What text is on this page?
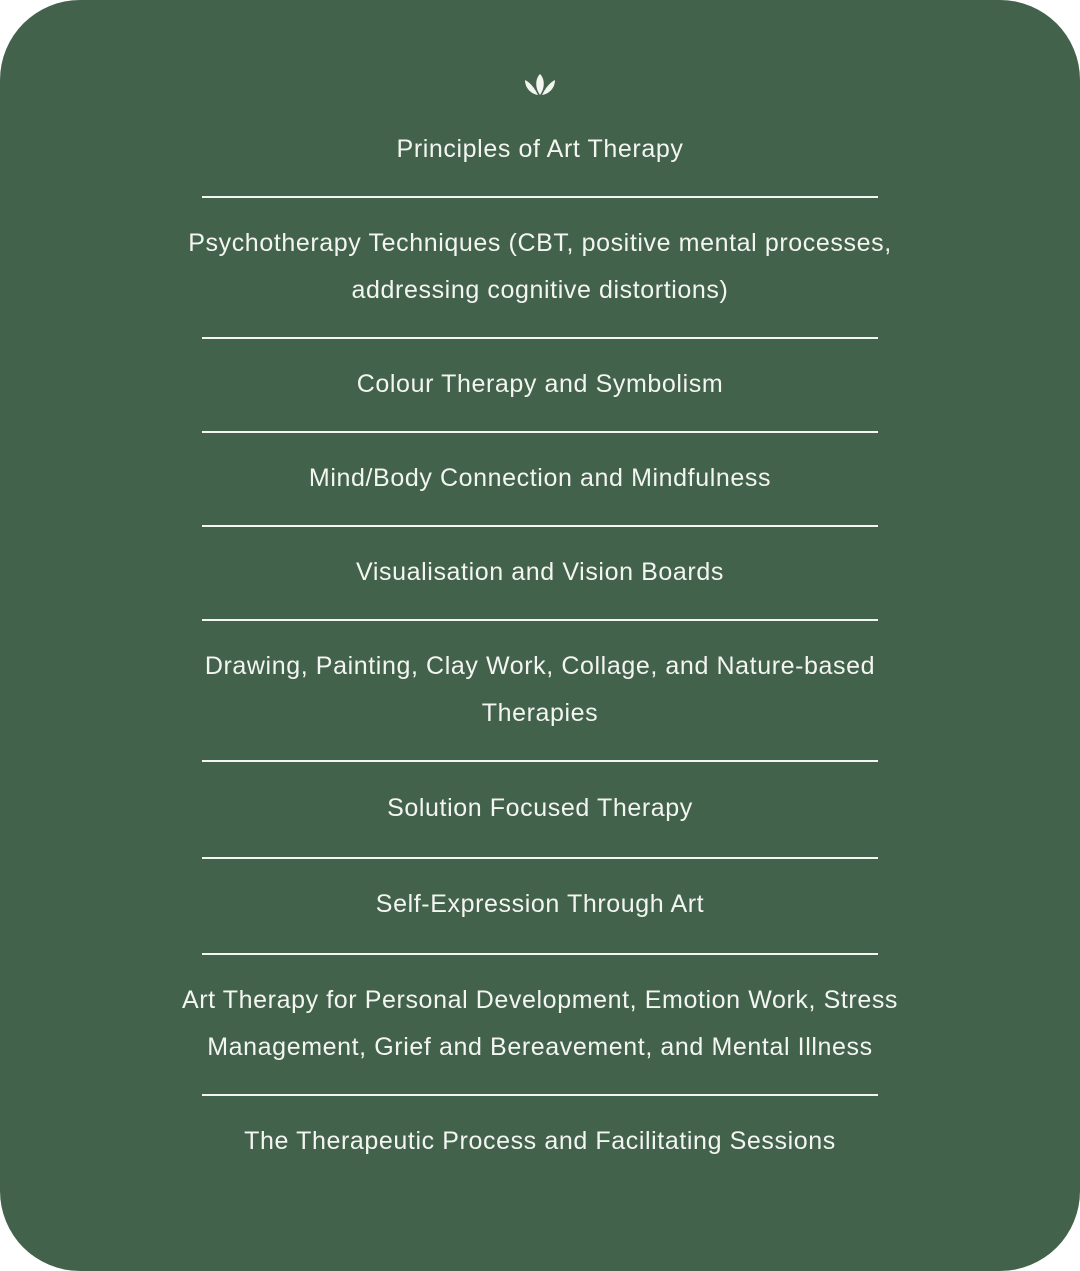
Principles of Art Therapy
Psychotherapy Techniques (CBT, positive mental processes, addressing cognitive distortions)
Colour Therapy and Symbolism
Mind/Body Connection and Mindfulness
Visualisation and Vision Boards
Drawing, Painting, Clay Work, Collage, and Nature-based Therapies
Solution Focused Therapy
Self-Expression Through Art
Art Therapy for Personal Development, Emotion Work, Stress Management, Grief and Bereavement, and Mental Illness
The Therapeutic Process and Facilitating Sessions
